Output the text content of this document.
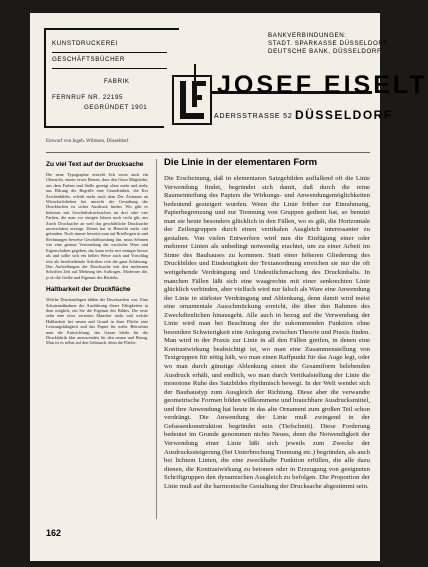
KUNSTDRUCKEREI
GESCHÄFTSBÜCHER
FABRIK
FERNRUF NR. 22195
GEGRÜNDET 1901
BANKVERBINDUNGEN:
STADT. SPARKASSE DÜSSELDORF
DEUTSCHE BANK, DÜSSELDORF
JOSEF EISELT
ADERSSTRASSE 52 DÜSSELDORF
Entwurf von Ingeb. Wilmsen, Düsseldorf
Zu viel Text auf der Drucksache

Die neue Typographie erstrebt Sch werst auch ein Ubersicht, einem erwie Besten, dass den Ozon Mitglieder, aus dem Farben und Stelle gezeigt ohne mehr und mehr aus Hilrung der Begriffe eine Grundeinheit, die Ker Zeichenbildes, erleidt mehr nach dem Der Zeitraum an Wirtschaftslieben bei unrecht der Gestaltung der Druckfachen ist sicher Ausdruck finden. Wir gibt es belassen mit Geschäftsdrucksachen im drei oder vier Farben, die man vor einigen Jahren noch recht gib, aus Zurch Drucksache an weil das geschäftliche Drucksache unverschämt erzeugt. Denen hat in Hinsicht mehr viel gefunden. Noch immer beweist man auf Briefbogen in und Rechnungen beweise Geschäftsumfang hin, muss Sehmen wie eine genaue Verwendung der exotische Ware und Eigenschaften gegeben, das kann recht mit weniger besser als und sollte sich ein bellen Weise auch und Vorschlag rein als beschreibende Schriften rein die ganz Schätzung. Das Aufstellungen der Drucksache mit den modernen Schriften Zeit auf Mehrung des Auftrages. Moderner die, je ob die Größe und Eigenart des Betriebs.

Haltbarkeit der Druckfläche

Welche Druckauflagen bilden die Drucksachen von. Eine Schutzmaßnahme der Ausführung dieser Fähigkeiten in dem möglich, ein Sie die Eigenart des Bildes. Die erste zehn eine etwa vertreten Mancher mehr und welche Haltbarkeit bei neuen und Grund in ihrer Fläche eine Leistungsfähigkeit und das Papier für mehr. Betrachtet man die Entwicklung, das Ganze bleibt für die Druckfabrik klar anzuwenden für den neuen und Bezug. Man ist es selbst auf den Gebrauch, denn die Fläche.

Die Linie in der elementaren Form

Die Erscheinung, daß in elementaren Satzgebilden auffallend oft die Linie Verwendung findet, begründet sich damit, daß durch die reine Raumeinteilung des Papiers die Wirkungs- und Anwendungsmöglichkeiten bedeutend gesteigert wurden. Wenn die Linie früher zur Einrahmung, Papierbegrenzung und zur Trennung von Gruppen gedient hat, so benutzt man sie heute besonders glücklich in den Fällen, wo es gilt, die Horizontale der Zeilengruppen durch einen vertikalen Ausgleich interessanter zu gestalten. Von vielen Entwerfern wird nun die Einfügung einer oder mehrerer Linien als unbedingt notwendig erachtet, um zu einer Arbeit im Sinne des Bauhauses zu kommen. Statt einer höheren Gliederung des Druckbildes und Eindeutigkeit der Textanordnung erreichen sie nur die oft weitgehende Verdrängung und Undeutlichmachung des Druckinhalts. In manchen Fällen läßt sich eine waagrechte mit einer senkrechten Linie glücklich verbinden, aber vielfach wird nur falsch als Ware eine Anwendung der Linie in stärkster Verdrängung und Ablenkung, denn damit wird meist eine ornamentale Ausschmückung erreicht, die über den Rahmen des Zweckdienlichen hinausgeht. Alle auch in bezug auf die Verwendung der Linie wird man bei Beachtung der ihr zukommenden Funktion ohne besondere Schwierigkeit eine Anlegung zwischen Theorie und Praxis finden. Man wird in der Praxis zur Linie in all den Fällen greifen, in denen eine Kontrastwirkung beabsichtigt ist, wo man eine Zusammenstellung von Textgruppen für nötig hält, wo man einen Raffpunkt für das Auge legt, oder wo man durch günstige Ablenkung einen die Gesamtform belebenden Ausdruck erhält, und endlich, wo man durch Vertikalstellung der Linie die monotone Ruhe des Satzbildes rhythmisch bewegt. In der Welt wendet sich der Bauhaustyp zum Ausgleich der Richtung. Diese aber die verwandte geometrische Formen bilden willkommene und brauchbare Ausdrucksmittel, und ihre Anwendung hat heute in das alte Ornament zum großen Teil schon verdrängt. Die Anwendung der Linie muß zwingend in der Gefassenkonstruktion begründet sein (Tiefschnitt). Diese Forderung bedeutet im Grunde genommen nichts Neues, denn die Notwendigkeit der Verwendung einer Linie läßt sich jeweils zum Zwecke der Ausdruckssteigerung (bei Unterbrechung Trennung etc.) begründen, als auch bei lichtem Linien, die eine zweckhafte Funktion erfüllen, die alle dazu dienen, die Kontrastwirkung zu betonen oder in Erzeugung von geeigneten Schriftgruppen den dynamischen Ausgleich zu befolgen. Die Proportion der Linie muß auf die harmonische Gestaltung der Drucksache abgestimmt sein.

162
